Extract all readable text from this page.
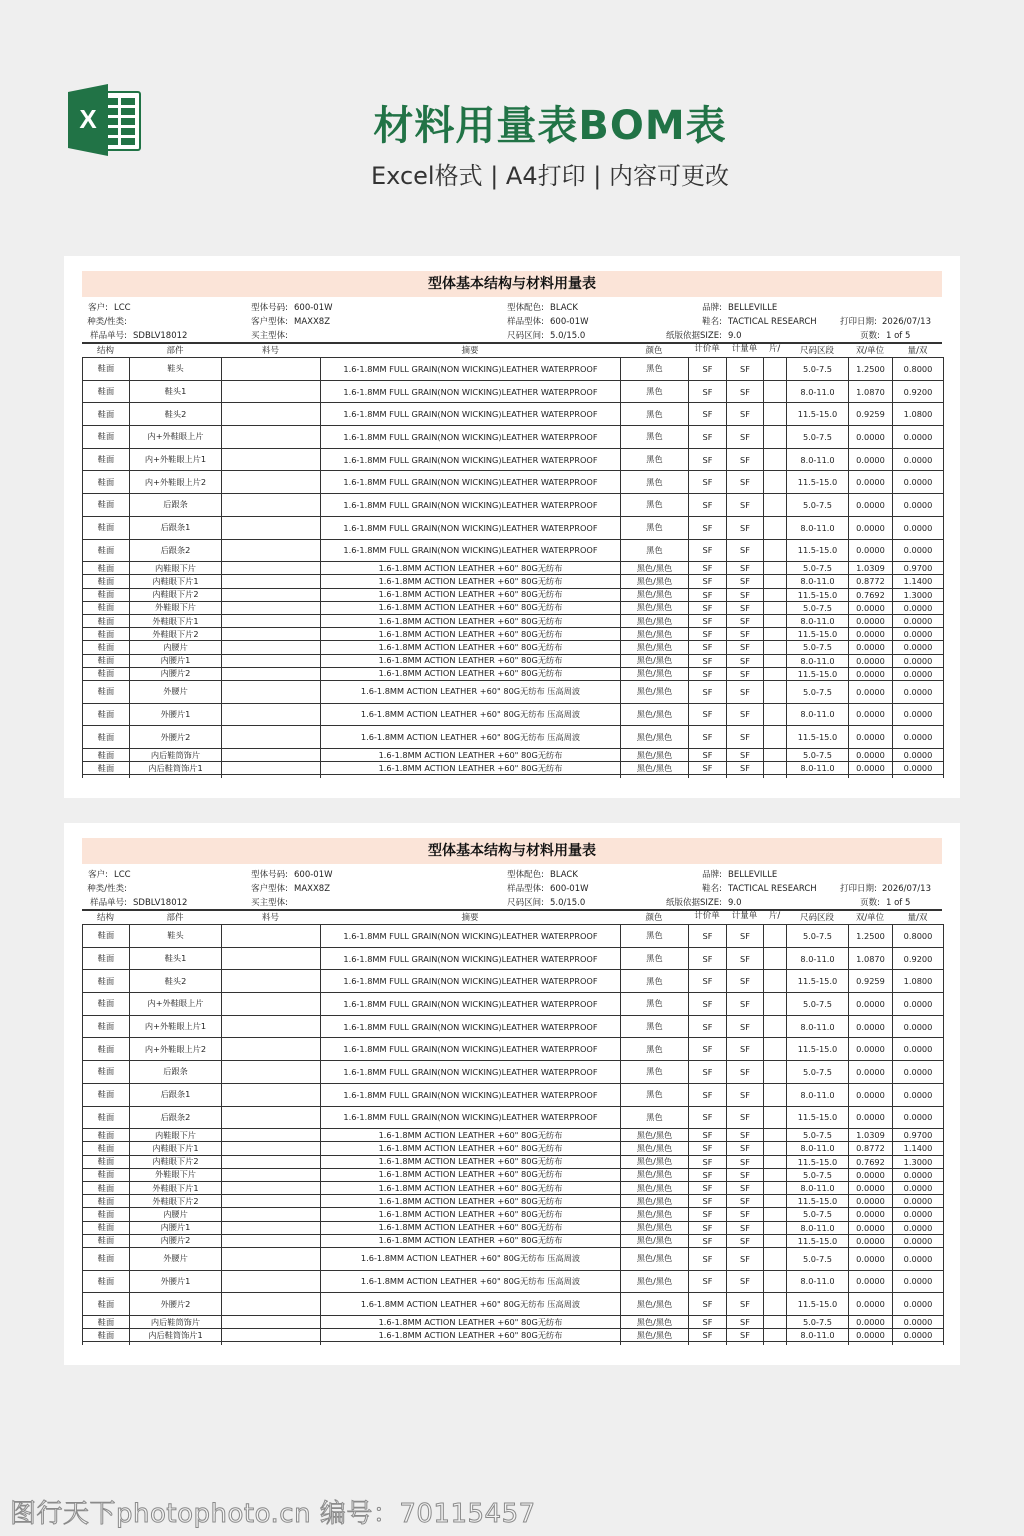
X	材料用量表BOM表
Excel格式 | A4打印 | 内容可更改
型体基本结构与材料用量表
客户: LCC
种类/性类:
样品单号: SDBLV18012
型体号码: 600-01W
客户型体: MAXX8Z
买主型体:
型体配色: BLACK
样品型体: 600-01W
尺码区间: 5.0/15.0
品牌: BELLEVILLE
鞋名: TACTICAL RESEARCH
纸版依据SIZE: 9.0
打印日期: 2026/07/13
页数: 1 of 5
结构	部件	料号	摘要	颜色	计价单	计量单	片/	尺码区段	双/单位	量/双
鞋面	鞋头		1.6-1.8MM FULL GRAIN(NON WICKING)LEATHER WATERPROOF	黑色	SF	SF		5.0-7.5	1.2500	0.8000
鞋面	鞋头1		1.6-1.8MM FULL GRAIN(NON WICKING)LEATHER WATERPROOF	黑色	SF	SF		8.0-11.0	1.0870	0.9200
鞋面	鞋头2		1.6-1.8MM FULL GRAIN(NON WICKING)LEATHER WATERPROOF	黑色	SF	SF		11.5-15.0	0.9259	1.0800
鞋面	内+外鞋眼上片		1.6-1.8MM FULL GRAIN(NON WICKING)LEATHER WATERPROOF	黑色	SF	SF		5.0-7.5	0.0000	0.0000
鞋面	内+外鞋眼上片1		1.6-1.8MM FULL GRAIN(NON WICKING)LEATHER WATERPROOF	黑色	SF	SF		8.0-11.0	0.0000	0.0000
鞋面	内+外鞋眼上片2		1.6-1.8MM FULL GRAIN(NON WICKING)LEATHER WATERPROOF	黑色	SF	SF		11.5-15.0	0.0000	0.0000
鞋面	后跟条		1.6-1.8MM FULL GRAIN(NON WICKING)LEATHER WATERPROOF	黑色	SF	SF		5.0-7.5	0.0000	0.0000
鞋面	后跟条1		1.6-1.8MM FULL GRAIN(NON WICKING)LEATHER WATERPROOF	黑色	SF	SF		8.0-11.0	0.0000	0.0000
鞋面	后跟条2		1.6-1.8MM FULL GRAIN(NON WICKING)LEATHER WATERPROOF	黑色	SF	SF		11.5-15.0	0.0000	0.0000
鞋面	内鞋眼下片		1.6-1.8MM ACTION LEATHER +60" 80G无纺布	黑色/黑色	SF	SF		5.0-7.5	1.0309	0.9700
鞋面	内鞋眼下片1		1.6-1.8MM ACTION LEATHER +60" 80G无纺布	黑色/黑色	SF	SF		8.0-11.0	0.8772	1.1400
鞋面	内鞋眼下片2		1.6-1.8MM ACTION LEATHER +60" 80G无纺布	黑色/黑色	SF	SF		11.5-15.0	0.7692	1.3000
鞋面	外鞋眼下片		1.6-1.8MM ACTION LEATHER +60" 80G无纺布	黑色/黑色	SF	SF		5.0-7.5	0.0000	0.0000
鞋面	外鞋眼下片1		1.6-1.8MM ACTION LEATHER +60" 80G无纺布	黑色/黑色	SF	SF		8.0-11.0	0.0000	0.0000
鞋面	外鞋眼下片2		1.6-1.8MM ACTION LEATHER +60" 80G无纺布	黑色/黑色	SF	SF		11.5-15.0	0.0000	0.0000
鞋面	内腰片		1.6-1.8MM ACTION LEATHER +60" 80G无纺布	黑色/黑色	SF	SF		5.0-7.5	0.0000	0.0000
鞋面	内腰片1		1.6-1.8MM ACTION LEATHER +60" 80G无纺布	黑色/黑色	SF	SF		8.0-11.0	0.0000	0.0000
鞋面	内腰片2		1.6-1.8MM ACTION LEATHER +60" 80G无纺布	黑色/黑色	SF	SF		11.5-15.0	0.0000	0.0000
鞋面	外腰片		1.6-1.8MM ACTION LEATHER +60" 80G无纺布 压高周波	黑色/黑色	SF	SF		5.0-7.5	0.0000	0.0000
鞋面	外腰片1		1.6-1.8MM ACTION LEATHER +60" 80G无纺布 压高周波	黑色/黑色	SF	SF		8.0-11.0	0.0000	0.0000
鞋面	外腰片2		1.6-1.8MM ACTION LEATHER +60" 80G无纺布 压高周波	黑色/黑色	SF	SF		11.5-15.0	0.0000	0.0000
鞋面	内后鞋筒饰片		1.6-1.8MM ACTION LEATHER +60" 80G无纺布	黑色/黑色	SF	SF		5.0-7.5	0.0000	0.0000
鞋面	内后鞋筒饰片1		1.6-1.8MM ACTION LEATHER +60" 80G无纺布	黑色/黑色	SF	SF		8.0-11.0	0.0000	0.0000

型体基本结构与材料用量表
客户: LCC
种类/性类:
样品单号: SDBLV18012
型体号码: 600-01W
客户型体: MAXX8Z
买主型体:
型体配色: BLACK
样品型体: 600-01W
尺码区间: 5.0/15.0
品牌: BELLEVILLE
鞋名: TACTICAL RESEARCH
纸版依据SIZE: 9.0
打印日期: 2026/07/13
页数: 1 of 5
结构	部件	料号	摘要	颜色	计价单	计量单	片/	尺码区段	双/单位	量/双
鞋面	鞋头		1.6-1.8MM FULL GRAIN(NON WICKING)LEATHER WATERPROOF	黑色	SF	SF		5.0-7.5	1.2500	0.8000
鞋面	鞋头1		1.6-1.8MM FULL GRAIN(NON WICKING)LEATHER WATERPROOF	黑色	SF	SF		8.0-11.0	1.0870	0.9200
鞋面	鞋头2		1.6-1.8MM FULL GRAIN(NON WICKING)LEATHER WATERPROOF	黑色	SF	SF		11.5-15.0	0.9259	1.0800
鞋面	内+外鞋眼上片		1.6-1.8MM FULL GRAIN(NON WICKING)LEATHER WATERPROOF	黑色	SF	SF		5.0-7.5	0.0000	0.0000
鞋面	内+外鞋眼上片1		1.6-1.8MM FULL GRAIN(NON WICKING)LEATHER WATERPROOF	黑色	SF	SF		8.0-11.0	0.0000	0.0000
鞋面	内+外鞋眼上片2		1.6-1.8MM FULL GRAIN(NON WICKING)LEATHER WATERPROOF	黑色	SF	SF		11.5-15.0	0.0000	0.0000
鞋面	后跟条		1.6-1.8MM FULL GRAIN(NON WICKING)LEATHER WATERPROOF	黑色	SF	SF		5.0-7.5	0.0000	0.0000
鞋面	后跟条1		1.6-1.8MM FULL GRAIN(NON WICKING)LEATHER WATERPROOF	黑色	SF	SF		8.0-11.0	0.0000	0.0000
鞋面	后跟条2		1.6-1.8MM FULL GRAIN(NON WICKING)LEATHER WATERPROOF	黑色	SF	SF		11.5-15.0	0.0000	0.0000
鞋面	内鞋眼下片		1.6-1.8MM ACTION LEATHER +60" 80G无纺布	黑色/黑色	SF	SF		5.0-7.5	1.0309	0.9700
鞋面	内鞋眼下片1		1.6-1.8MM ACTION LEATHER +60" 80G无纺布	黑色/黑色	SF	SF		8.0-11.0	0.8772	1.1400
鞋面	内鞋眼下片2		1.6-1.8MM ACTION LEATHER +60" 80G无纺布	黑色/黑色	SF	SF		11.5-15.0	0.7692	1.3000
鞋面	外鞋眼下片		1.6-1.8MM ACTION LEATHER +60" 80G无纺布	黑色/黑色	SF	SF		5.0-7.5	0.0000	0.0000
鞋面	外鞋眼下片1		1.6-1.8MM ACTION LEATHER +60" 80G无纺布	黑色/黑色	SF	SF		8.0-11.0	0.0000	0.0000
鞋面	外鞋眼下片2		1.6-1.8MM ACTION LEATHER +60" 80G无纺布	黑色/黑色	SF	SF		11.5-15.0	0.0000	0.0000
鞋面	内腰片		1.6-1.8MM ACTION LEATHER +60" 80G无纺布	黑色/黑色	SF	SF		5.0-7.5	0.0000	0.0000
鞋面	内腰片1		1.6-1.8MM ACTION LEATHER +60" 80G无纺布	黑色/黑色	SF	SF		8.0-11.0	0.0000	0.0000
鞋面	内腰片2		1.6-1.8MM ACTION LEATHER +60" 80G无纺布	黑色/黑色	SF	SF		11.5-15.0	0.0000	0.0000
鞋面	外腰片		1.6-1.8MM ACTION LEATHER +60" 80G无纺布 压高周波	黑色/黑色	SF	SF		5.0-7.5	0.0000	0.0000
鞋面	外腰片1		1.6-1.8MM ACTION LEATHER +60" 80G无纺布 压高周波	黑色/黑色	SF	SF		8.0-11.0	0.0000	0.0000
鞋面	外腰片2		1.6-1.8MM ACTION LEATHER +60" 80G无纺布 压高周波	黑色/黑色	SF	SF		11.5-15.0	0.0000	0.0000
鞋面	内后鞋筒饰片		1.6-1.8MM ACTION LEATHER +60" 80G无纺布	黑色/黑色	SF	SF		5.0-7.5	0.0000	0.0000
鞋面	内后鞋筒饰片1		1.6-1.8MM ACTION LEATHER +60" 80G无纺布	黑色/黑色	SF	SF		8.0-11.0	0.0000	0.0000

图行天下photophoto.cn 编号：70115457
